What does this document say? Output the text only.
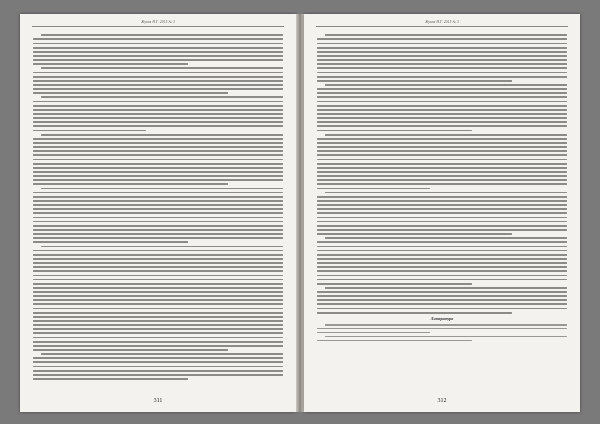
Жуков Н.Г. 2015 № 3
311
Жуков Н.Г. 2015 № 3
Литература
312
